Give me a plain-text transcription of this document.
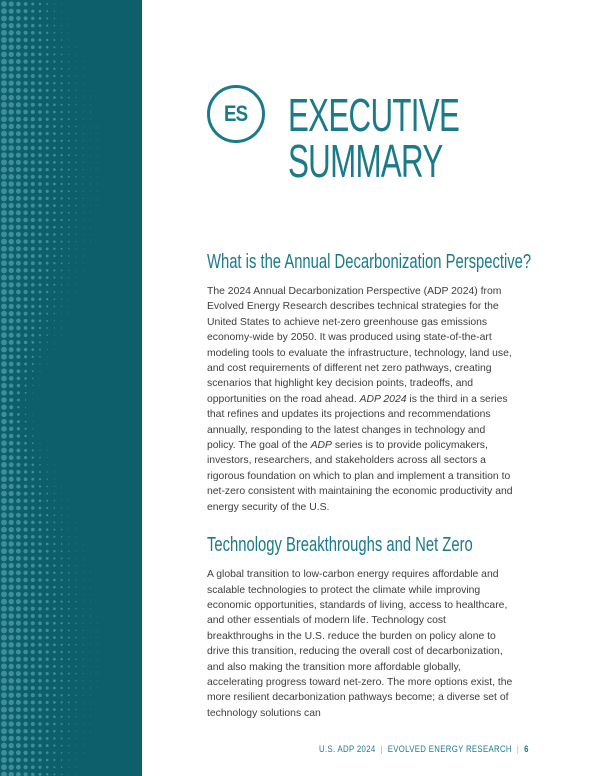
ES EXECUTIVE
SUMMARY
What is the Annual Decarbonization Perspective?

The 2024 Annual Decarbonization Perspective (ADP 2024) from Evolved Energy Research describes technical strategies for the United States to achieve net-zero greenhouse gas emissions economy-wide by 2050. It was produced using state-of-the-art modeling tools to evaluate the infrastructure, technology, land use, and cost requirements of different net zero pathways, creating scenarios that highlight key decision points, tradeoffs, and opportunities on the road ahead. ADP 2024 is the third in a series that refines and updates its projections and recommendations annually, responding to the latest changes in technology and policy. The goal of the ADP series is to provide policymakers, investors, researchers, and stakeholders across all sectors a rigorous foundation on which to plan and implement a transition to net-zero consistent with maintaining the economic productivity and energy security of the U.S.

Technology Breakthroughs and Net Zero

A global transition to low-carbon energy requires affordable and scalable technologies to protect the climate while improving economic opportunities, standards of living, access to healthcare, and other essentials of modern life. Technology cost breakthroughs in the U.S. reduce the burden on policy alone to drive this transition, reducing the overall cost of decarbonization, and also making the transition more affordable globally, accelerating progress toward net-zero. The more options exist, the more resilient decarbonization pathways become; a diverse set of technology solutions can

U.S. ADP 2024 | EVOLVED ENERGY RESEARCH | 6
